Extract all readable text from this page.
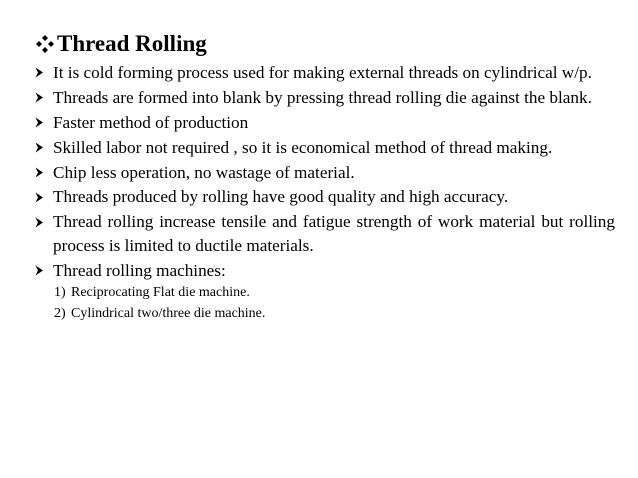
Thread Rolling
It is cold forming process used for making external threads on cylindrical w/p.
Threads are formed into blank by pressing thread rolling die against the blank.
Faster method of production
Skilled labor not required , so it is economical method of thread making.
Chip less operation, no wastage of material.
Threads produced by rolling have good quality and high accuracy.
Thread rolling increase tensile and fatigue strength of work material but rolling process is limited to ductile materials.
Thread rolling machines:
1) Reciprocating Flat die machine.
2) Cylindrical two/three die machine.
